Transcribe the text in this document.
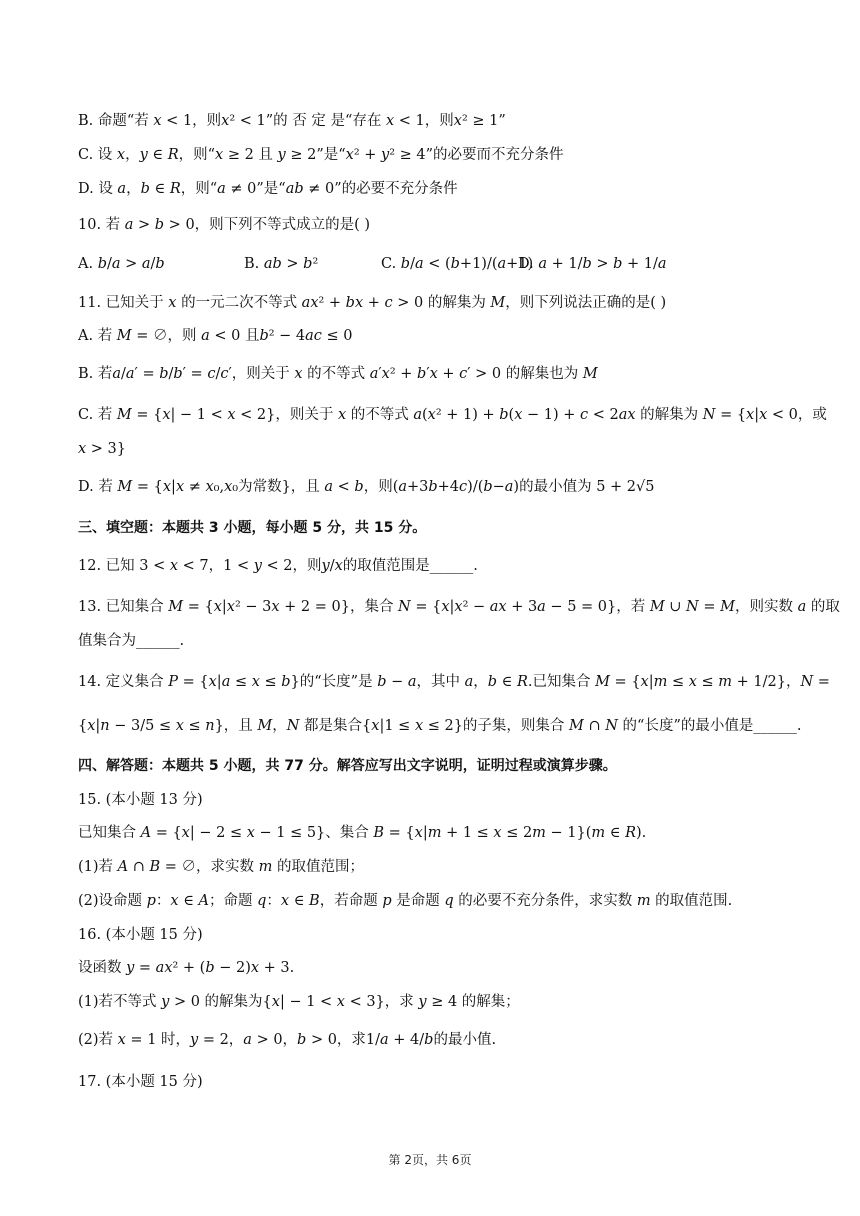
B. 命题“若 𝑥 < 1，则𝑥² < 1”的 否 定 是“存在 𝑥 < 1，则𝑥² ≥ 1”
C. 设 𝑥，𝑦 ∈ 𝑅，则“𝑥 ≥ 2 且 𝑦 ≥ 2”是“𝑥² + 𝑦² ≥ 4”的必要而不充分条件
D. 设 𝑎，𝑏 ∈ 𝑅，则“𝑎 ≠ 0”是“𝑎𝑏 ≠ 0”的必要不充分条件
10. 若 𝑎 > 𝑏 > 0，则下列不等式成立的是( )
A. 𝑏/𝑎 > 𝑎/𝑏	B. 𝑎𝑏 > 𝑏²	C. 𝑏/𝑎 < (𝑏+1)/(𝑎+1)
D. 𝑎 + 1/𝑏 > 𝑏 + 1/𝑎
11. 已知关于 𝑥 的一元二次不等式 𝑎𝑥² + 𝑏𝑥 + 𝑐 > 0 的解集为 𝑀，则下列说法正确的是( )
A. 若 𝑀 = ∅，则 𝑎 < 0 且𝑏² − 4𝑎𝑐 ≤ 0
B. 若𝑎/𝑎′ = 𝑏/𝑏′ = 𝑐/𝑐′，则关于 𝑥 的不等式 𝑎′𝑥² + 𝑏′𝑥 + 𝑐′ > 0 的解集也为 𝑀
C. 若 𝑀 = {𝑥| − 1 < 𝑥 < 2}，则关于 𝑥 的不等式 𝑎(𝑥² + 1) + 𝑏(𝑥 − 1) + 𝑐 < 2𝑎𝑥 的解集为 𝑁 = {𝑥|𝑥 < 0，或
𝑥 > 3}
D. 若 𝑀 = {𝑥|𝑥 ≠ 𝑥₀,𝑥₀为常数}，且 𝑎 < 𝑏，则(𝑎+3𝑏+4𝑐)/(𝑏−𝑎)的最小值为 5 + 2√5
三、填空题：本题共 3 小题，每小题 5 分，共 15 分。
12. 已知 3 < 𝑥 < 7，1 < 𝑦 < 2，则𝑦/𝑥的取值范围是______.
13. 已知集合 𝑀 = {𝑥|𝑥² − 3𝑥 + 2 = 0}，集合 𝑁 = {𝑥|𝑥² − 𝑎𝑥 + 3𝑎 − 5 = 0}，若 𝑀 ∪ 𝑁 = 𝑀，则实数 𝑎 的取
值集合为______.
14. 定义集合 𝑃 = {𝑥|𝑎 ≤ 𝑥 ≤ 𝑏}的“长度”是 𝑏 − 𝑎，其中 𝑎，𝑏 ∈ 𝑅.已知集合 𝑀 = {𝑥|𝑚 ≤ 𝑥 ≤ 𝑚 + 1/2}，𝑁 =
{𝑥|𝑛 − 3/5 ≤ 𝑥 ≤ 𝑛}，且 𝑀，𝑁 都是集合{𝑥|1 ≤ 𝑥 ≤ 2}的子集，则集合 𝑀 ∩ 𝑁 的“长度”的最小值是______.
四、解答题：本题共 5 小题，共 77 分。解答应写出文字说明，证明过程或演算步骤。
15. (本小题 13 分)
已知集合 𝐴 = {𝑥| − 2 ≤ 𝑥 − 1 ≤ 5}、集合 𝐵 = {𝑥|𝑚 + 1 ≤ 𝑥 ≤ 2𝑚 − 1}(𝑚 ∈ 𝑅).
(1)若 𝐴 ∩ 𝐵 = ∅，求实数 𝑚 的取值范围；
(2)设命题 𝑝：𝑥 ∈ 𝐴；命题 𝑞：𝑥 ∈ 𝐵，若命题 𝑝 是命题 𝑞 的必要不充分条件，求实数 𝑚 的取值范围.
16. (本小题 15 分)
设函数 𝑦 = 𝑎𝑥² + (𝑏 − 2)𝑥 + 3.
(1)若不等式 𝑦 > 0 的解集为{𝑥| − 1 < 𝑥 < 3}，求 𝑦 ≥ 4 的解集；
(2)若 𝑥 = 1 时，𝑦 = 2，𝑎 > 0，𝑏 > 0，求1/𝑎 + 4/𝑏的最小值.
17. (本小题 15 分)
第 2页，共 6页
